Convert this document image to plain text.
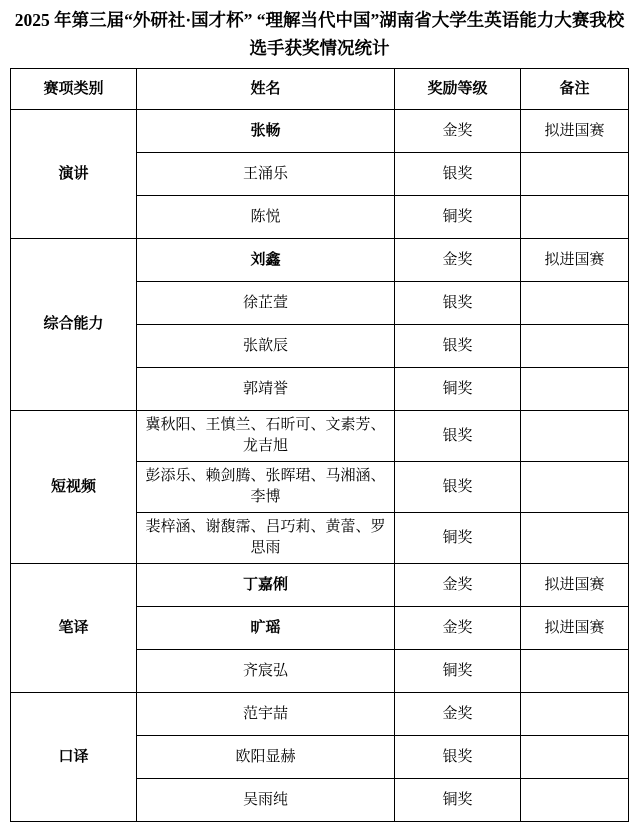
2025 年第三届“外研社·国才杯” “理解当代中国”湖南省大学生英语能力大赛我校选手获奖情况统计
赛项类别	姓名	奖励等级	备注
演讲	张畅	金奖	拟进国赛
	王涌乐	银奖	
	陈悦	铜奖	
综合能力	刘鑫	金奖	拟进国赛
	徐芷萱	银奖	
	张歆辰	银奖	
	郭靖誉	铜奖	
短视频	冀秋阳、王慎兰、石昕可、文素芳、龙吉旭	银奖	
	彭添乐、赖剑腾、张晖珺、马湘涵、李博	银奖	
	裴梓涵、谢馥霈、吕巧莉、黄蕾、罗思雨	铜奖	
笔译	丁嘉俐	金奖	拟进国赛
	旷瑶	金奖	拟进国赛
	齐宸弘	铜奖	
口译	范宇喆	金奖	
	欧阳显赫	银奖	
	吴雨纯	铜奖	
